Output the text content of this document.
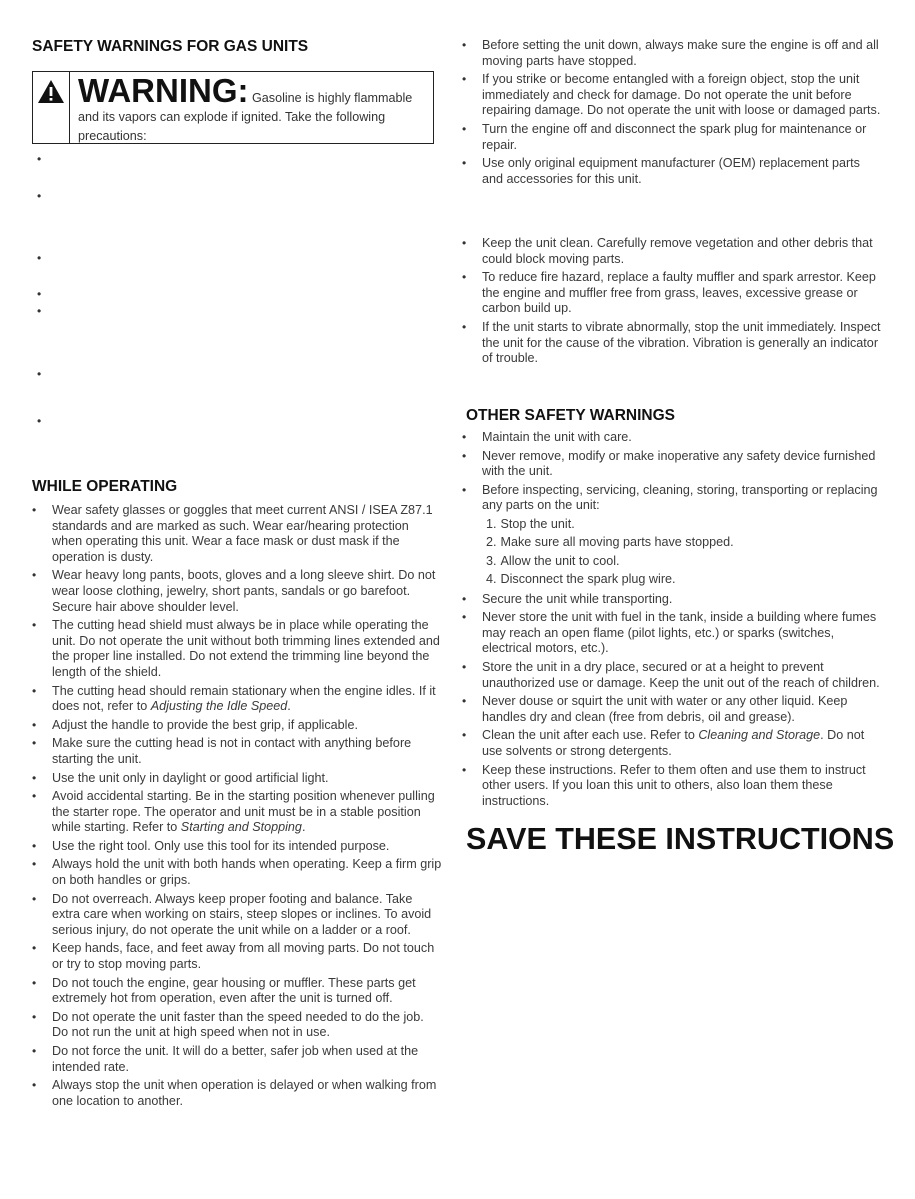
SAFETY WARNINGS FOR GAS UNITS
WARNING: Gasoline is highly flammable and its vapors can explode if ignited. Take the following precautions:
•
•
•
•
•
•
•
WHILE OPERATING
• Wear safety glasses or goggles that meet current ANSI / ISEA Z87.1 standards and are marked as such. Wear ear/hearing protection when operating this unit. Wear a face mask or dust mask if the operation is dusty.
• Wear heavy long pants, boots, gloves and a long sleeve shirt. Do not wear loose clothing, jewelry, short pants, sandals or go barefoot. Secure hair above shoulder level.
• The cutting head shield must always be in place while operating the unit. Do not operate the unit without both trimming lines extended and the proper line installed. Do not extend the trimming line beyond the length of the shield.
• The cutting head should remain stationary when the engine idles. If it does not, refer to Adjusting the Idle Speed.
• Adjust the handle to provide the best grip, if applicable.
• Make sure the cutting head is not in contact with anything before starting the unit.
• Use the unit only in daylight or good artificial light.
• Avoid accidental starting. Be in the starting position whenever pulling the starter rope. The operator and unit must be in a stable position while starting. Refer to Starting and Stopping.
• Use the right tool. Only use this tool for its intended purpose.
• Always hold the unit with both hands when operating. Keep a firm grip on both handles or grips.
• Do not overreach. Always keep proper footing and balance. Take extra care when working on stairs, steep slopes or inclines. To avoid serious injury, do not operate the unit while on a ladder or a roof.
• Keep hands, face, and feet away from all moving parts. Do not touch or try to stop moving parts.
• Do not touch the engine, gear housing or muffler. These parts get extremely hot from operation, even after the unit is turned off.
• Do not operate the unit faster than the speed needed to do the job. Do not run the unit at high speed when not in use.
• Do not force the unit. It will do a better, safer job when used at the intended rate.
• Always stop the unit when operation is delayed or when walking from one location to another.
• Before setting the unit down, always make sure the engine is off and all moving parts have stopped.
• If you strike or become entangled with a foreign object, stop the unit immediately and check for damage. Do not operate the unit before repairing damage. Do not operate the unit with loose or damaged parts.
• Turn the engine off and disconnect the spark plug for maintenance or repair.
• Use only original equipment manufacturer (OEM) replacement parts and accessories for this unit.
• Keep the unit clean. Carefully remove vegetation and other debris that could block moving parts.
• To reduce fire hazard, replace a faulty muffler and spark arrestor. Keep the engine and muffler free from grass, leaves, excessive grease or carbon build up.
• If the unit starts to vibrate abnormally, stop the unit immediately. Inspect the unit for the cause of the vibration. Vibration is generally an indicator of trouble.
OTHER SAFETY WARNINGS
• Maintain the unit with care.
• Never remove, modify or make inoperative any safety device furnished with the unit.
• Before inspecting, servicing, cleaning, storing, transporting or replacing any parts on the unit:
1. Stop the unit.
2. Make sure all moving parts have stopped.
3. Allow the unit to cool.
4. Disconnect the spark plug wire.
• Secure the unit while transporting.
• Never store the unit with fuel in the tank, inside a building where fumes may reach an open flame (pilot lights, etc.) or sparks (switches, electrical motors, etc.).
• Store the unit in a dry place, secured or at a height to prevent unauthorized use or damage. Keep the unit out of the reach of children.
• Never douse or squirt the unit with water or any other liquid. Keep handles dry and clean (free from debris, oil and grease).
• Clean the unit after each use. Refer to Cleaning and Storage. Do not use solvents or strong detergents.
• Keep these instructions. Refer to them often and use them to instruct other users. If you loan this unit to others, also loan them these instructions.
SAVE THESE INSTRUCTIONS
